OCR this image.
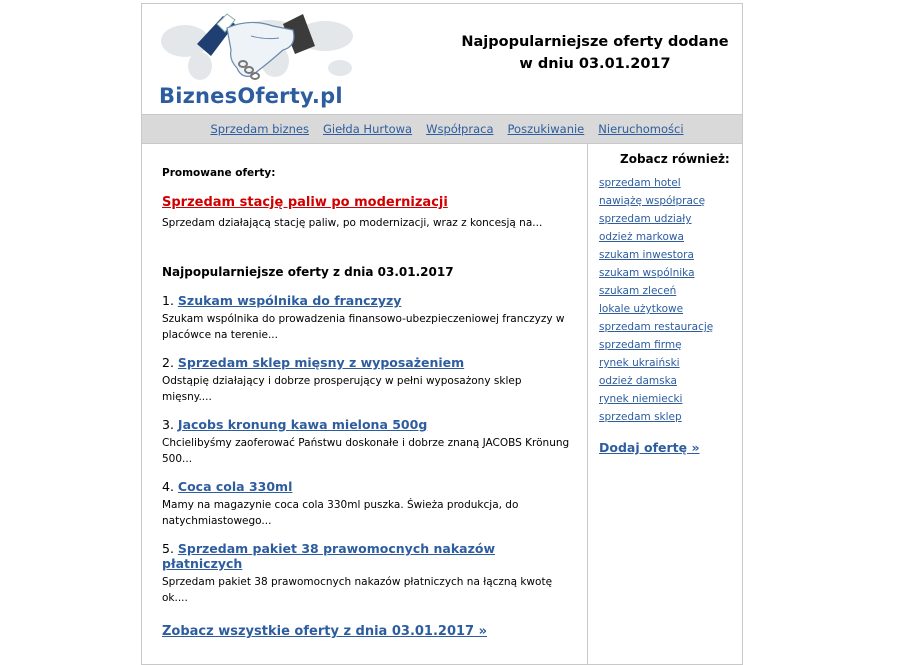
BiznesOferty.pl
Najpopularniejsze oferty dodane
w dniu 03.01.2017
Sprzedam biznes Giełda Hurtowa Współpraca Poszukiwanie Nieruchomości
Promowane oferty:
Sprzedam stację paliw po modernizacji
Sprzedam działającą stację paliw, po modernizacji, wraz z koncesją na...
Najpopularniejsze oferty z dnia 03.01.2017
1. Szukam wspólnika do franczyzy
Szukam wspólnika do prowadzenia finansowo-ubezpieczeniowej franczyzy w placówce na terenie...
2. Sprzedam sklep mięsny z wyposażeniem
Odstąpię działający i dobrze prosperujący w pełni wyposażony sklep mięsny....
3. Jacobs kronung kawa mielona 500g
Chcielibyśmy zaoferować Państwu doskonałe i dobrze znaną JACOBS Krönung 500...
4. Coca cola 330ml
Mamy na magazynie coca cola 330ml puszka. Świeża produkcja, do natychmiastowego...
5. Sprzedam pakiet 38 prawomocnych nakazów płatniczych
Sprzedam pakiet 38 prawomocnych nakazów płatniczych na łączną kwotę ok....
Zobacz wszystkie oferty z dnia 03.01.2017 »
Zobacz również:
sprzedam hotel
nawiążę współpracę
sprzedam udziały
odzież markowa
szukam inwestora
szukam wspólnika
szukam zleceń
lokale użytkowe
sprzedam restaurację
sprzedam firmę
rynek ukraiński
odzież damska
rynek niemiecki
sprzedam sklep
Dodaj ofertę »
